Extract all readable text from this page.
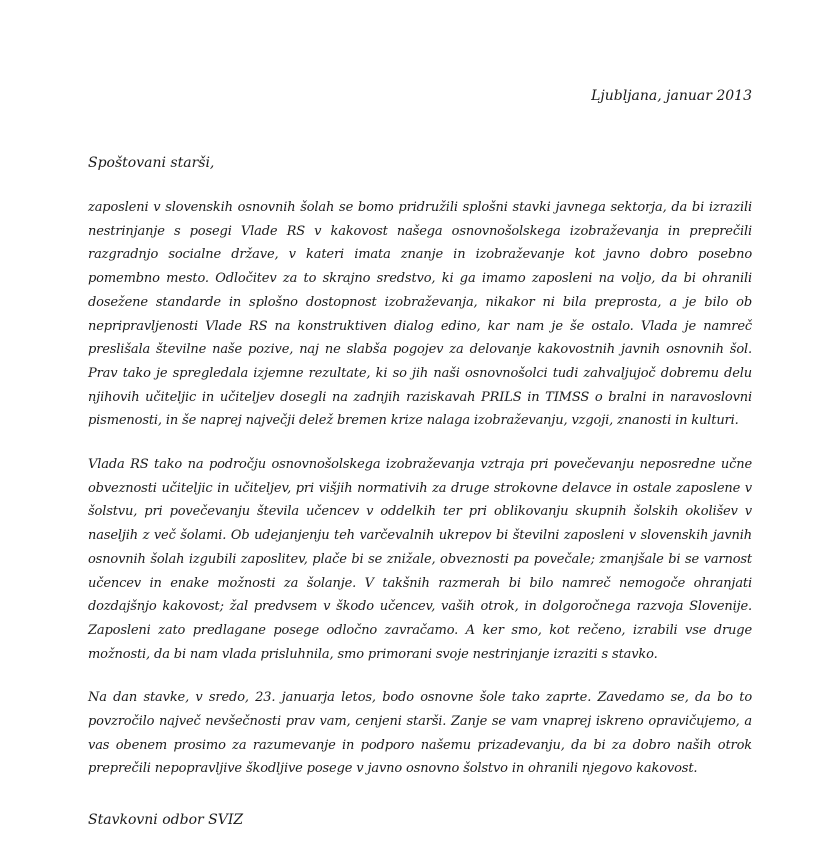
Ljubljana, januar 2013
Spoštovani starši,

zaposleni v slovenskih osnovnih šolah se bomo pridružili splošni stavki javnega sektorja, da bi izrazili nestrinjanje s posegi Vlade RS v kakovost našega osnovnošolskega izobraževanja in preprečili razgradnjo socialne države, v kateri imata znanje in izobraževanje kot javno dobro posebno pomembno mesto. Odločitev za to skrajno sredstvo, ki ga imamo zaposleni na voljo, da bi ohranili dosežene standarde in splošno dostopnost izobraževanja, nikakor ni bila preprosta, a je bilo ob nepripravljenosti Vlade RS na konstruktiven dialog edino, kar nam je še ostalo. Vlada je namreč preslišala številne naše pozive, naj ne slabša pogojev za delovanje kakovostnih javnih osnovnih šol. Prav tako je spregledala izjemne rezultate, ki so jih naši osnovnošolci tudi zahvaljujoč dobremu delu njihovih učiteljic in učiteljev dosegli na zadnjih raziskavah PRILS in TIMSS o bralni in naravoslovni pismenosti, in še naprej največji delež bremen krize nalaga izobraževanju, vzgoji, znanosti in kulturi.

Vlada RS tako na področju osnovnošolskega izobraževanja vztraja pri povečevanju neposredne učne obveznosti učiteljic in učiteljev, pri višjih normativih za druge strokovne delavce in ostale zaposlene v šolstvu, pri povečevanju števila učencev v oddelkih ter pri oblikovanju skupnih šolskih okolišev v naseljih z več šolami. Ob udejanjenju teh varčevalnih ukrepov bi številni zaposleni v slovenskih javnih osnovnih šolah izgubili zaposlitev, plače bi se znižale, obveznosti pa povečale; zmanjšale bi se varnost učencev in enake možnosti za šolanje. V takšnih razmerah bi bilo namreč nemogoče ohranjati dozdajšnjo kakovost; žal predvsem v škodo učencev, vaših otrok, in dolgoročnega razvoja Slovenije. Zaposleni zato predlagane posege odločno zavračamo. A ker smo, kot rečeno, izrabili vse druge možnosti, da bi nam vlada prisluhnila, smo primorani svoje nestrinjanje izraziti s stavko.

Na dan stavke, v sredo, 23. januarja letos, bodo osnovne šole tako zaprte. Zavedamo se, da bo to povzročilo največ nevšečnosti prav vam, cenjeni starši. Zanje se vam vnaprej iskreno opravičujemo, a vas obenem prosimo za razumevanje in podporo našemu prizadevanju, da bi za dobro naših otrok preprečili nepopravljive škodljive posege v javno osnovno šolstvo in ohranili njegovo kakovost.

Stavkovni odbor SVIZ
